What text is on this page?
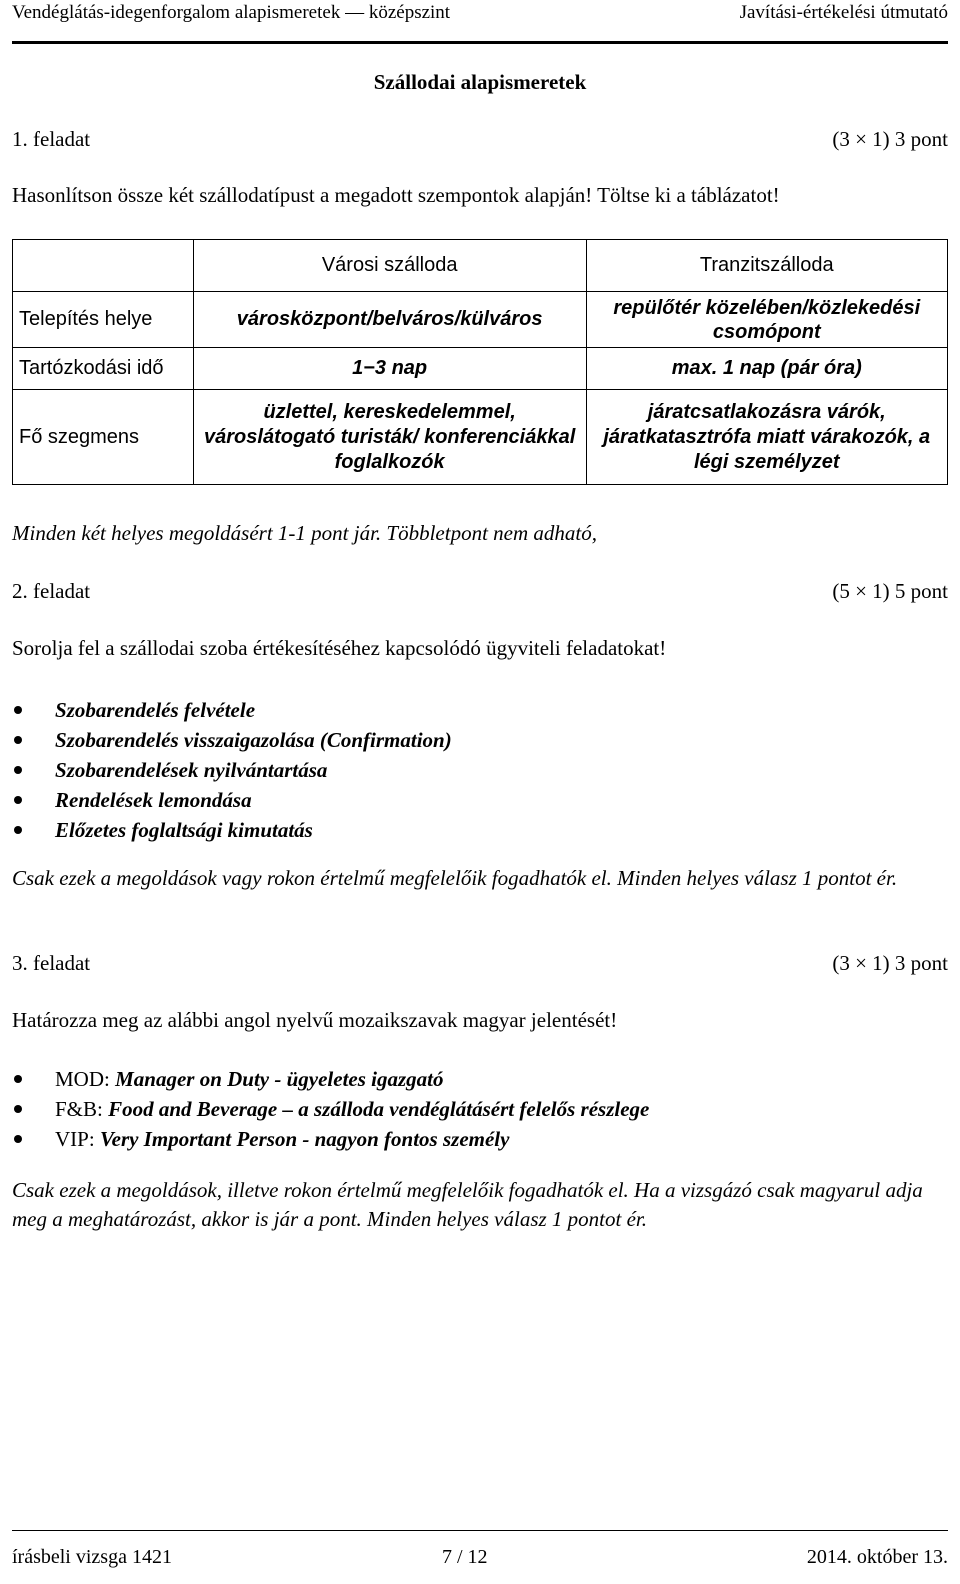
Vendéglátás-idegenforgalom alapismeretek — középszint	Javítási-értékelési útmutató
Szállodai alapismeretek
1. feladat	(3 × 1) 3 pont
Hasonlítson össze két szállodatípust a megadott szempontok alapján! Töltse ki a táblázatot!
	Városi szálloda	Tranzitszálloda
Telepítés helye	városközpont/belváros/külváros	repülőtér közelében/közlekedési csomópont
Tartózkodási idő	1−3 nap	max. 1 nap (pár óra)
Fő szegmens	üzlettel, kereskedelemmel, városlátogató turisták/ konferenciákkal foglalkozók	járatcsatlakozásra várók, járatkatasztrófa miatt várakozók, a légi személyzet
Minden két helyes megoldásért 1-1 pont jár. Többletpont nem adható,
2. feladat	(5 × 1) 5 pont
Sorolja fel a szállodai szoba értékesítéséhez kapcsolódó ügyviteli feladatokat!
Szobarendelés felvétele
Szobarendelés visszaigazolása (Confirmation)
Szobarendelések nyilvántartása
Rendelések lemondása
Előzetes foglaltsági kimutatás
Csak ezek a megoldások vagy rokon értelmű megfelelőik fogadhatók el. Minden helyes válasz 1 pontot ér.
3. feladat	(3 × 1) 3 pont
Határozza meg az alábbi angol nyelvű mozaikszavak magyar jelentését!
MOD: Manager on Duty - ügyeletes igazgató
F&B: Food and Beverage – a szálloda vendéglátásért felelős részlege
VIP: Very Important Person - nagyon fontos személy
Csak ezek a megoldások, illetve rokon értelmű megfelelőik fogadhatók el. Ha a vizsgázó csak magyarul adja meg a meghatározást, akkor is jár a pont. Minden helyes válasz 1 pontot ér.
írásbeli vizsga 1421	7 / 12	2014. október 13.
